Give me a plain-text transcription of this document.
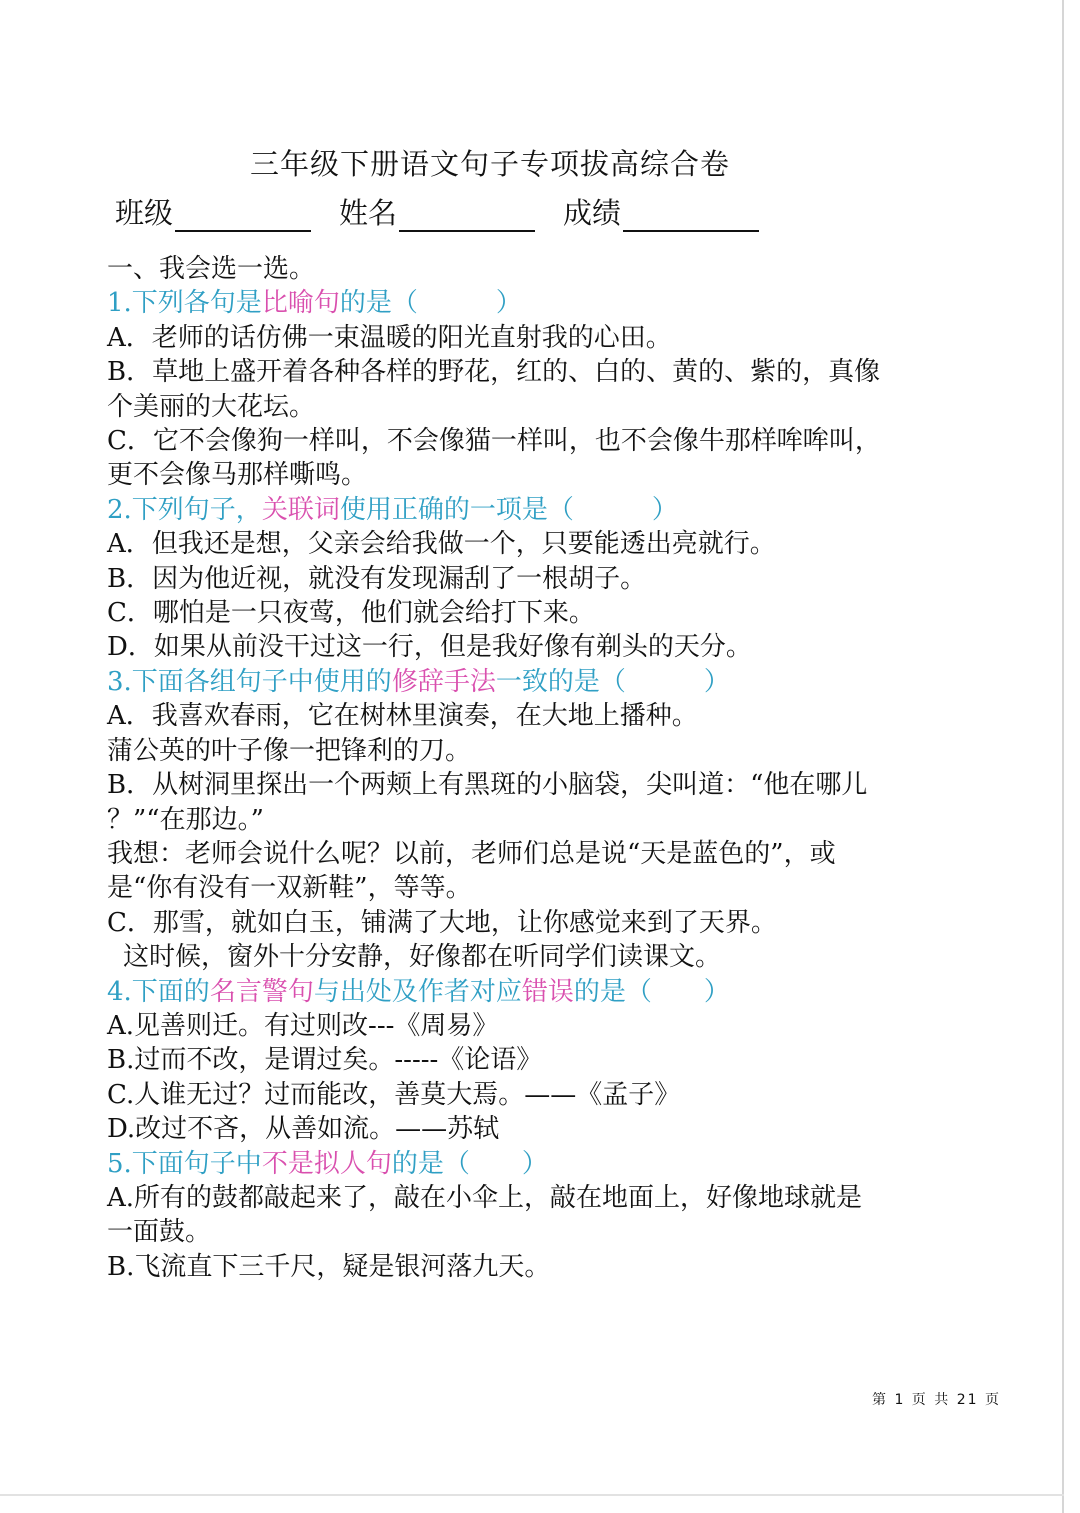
三年级下册语文句子专项拔高综合卷
班级	姓名	成绩
一、我会选一选。
1.下列各句是比喻句的是（　　　）
A．老师的话仿佛一束温暖的阳光直射我的心田。
B．草地上盛开着各种各样的野花，红的、白的、黄的、紫的，真像
个美丽的大花坛。
C．它不会像狗一样叫，不会像猫一样叫，也不会像牛那样哞哞叫，
更不会像马那样嘶鸣。
2.下列句子，关联词使用正确的一项是（　　　）
A．但我还是想，父亲会给我做一个，只要能透出亮就行。
B．因为他近视，就没有发现漏刮了一根胡子。
C．哪怕是一只夜莺，他们就会给打下来。
D．如果从前没干过这一行，但是我好像有剃头的天分。
3.下面各组句子中使用的修辞手法一致的是（　　　）
A．我喜欢春雨，它在树林里演奏，在大地上播种。
蒲公英的叶子像一把锋利的刀。
B．从树洞里探出一个两颊上有黑斑的小脑袋，尖叫道：“他在哪儿
？”“在那边。”
我想：老师会说什么呢？以前，老师们总是说“天是蓝色的”，或
是“你有没有一双新鞋”，等等。
C．那雪，就如白玉，铺满了大地，让你感觉来到了天界。
这时候，窗外十分安静，好像都在听同学们读课文。
4.下面的名言警句与出处及作者对应错误的是（　　）
A.见善则迁。有过则改---《周易》
B.过而不改，是谓过矣。-----《论语》
C.人谁无过？过而能改，善莫大焉。——《孟子》
D.改过不吝，从善如流。——苏轼
5.下面句子中不是拟人句的是（　　）
A.所有的鼓都敲起来了，敲在小伞上，敲在地面上，好像地球就是
一面鼓。
B.飞流直下三千尺，疑是银河落九天。
第 1 页 共 21 页
